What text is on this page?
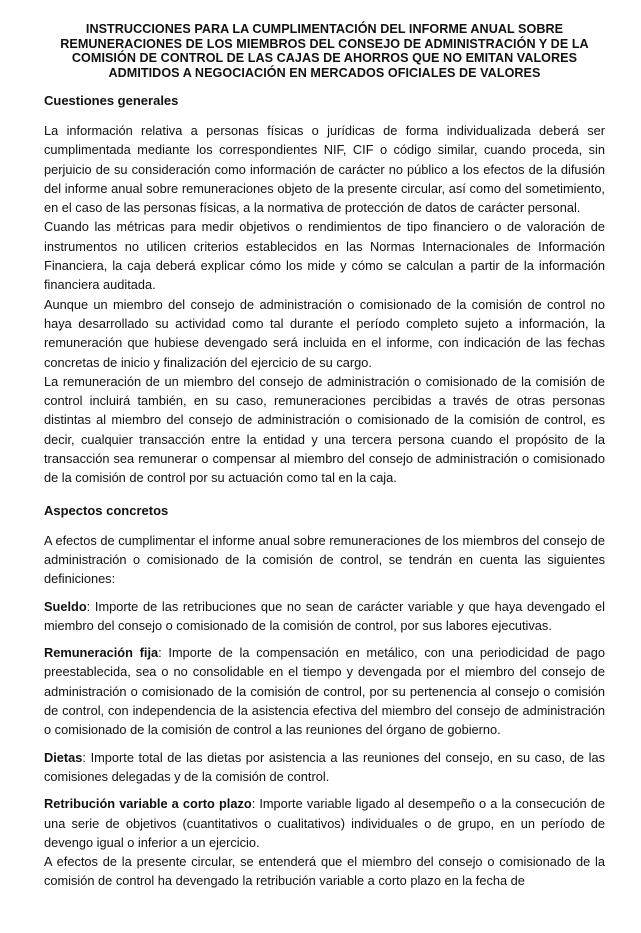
INSTRUCCIONES PARA LA CUMPLIMENTACIÓN DEL INFORME ANUAL SOBRE REMUNERACIONES DE LOS MIEMBROS DEL CONSEJO DE ADMINISTRACIÓN Y DE LA COMISIÓN DE CONTROL DE LAS CAJAS DE AHORROS QUE NO EMITAN VALORES ADMITIDOS A NEGOCIACIÓN EN MERCADOS OFICIALES DE VALORES
Cuestiones generales

La información relativa a personas físicas o jurídicas de forma individualizada deberá ser cumplimentada mediante los correspondientes NIF, CIF o código similar, cuando proceda, sin perjuicio de su consideración como información de carácter no público a los efectos de la difusión del informe anual sobre remuneraciones objeto de la presente circular, así como del sometimiento, en el caso de las personas físicas, a la normativa de protección de datos de carácter personal.

Cuando las métricas para medir objetivos o rendimientos de tipo financiero o de valoración de instrumentos no utilicen criterios establecidos en las Normas Internacionales de Información Financiera, la caja deberá explicar cómo los mide y cómo se calculan a partir de la información financiera auditada.

Aunque un miembro del consejo de administración o comisionado de la comisión de control no haya desarrollado su actividad como tal durante el período completo sujeto a información, la remuneración que hubiese devengado será incluida en el informe, con indicación de las fechas concretas de inicio y finalización del ejercicio de su cargo.

La remuneración de un miembro del consejo de administración o comisionado de la comisión de control incluirá también, en su caso, remuneraciones percibidas a través de otras personas distintas al miembro del consejo de administración o comisionado de la comisión de control, es decir, cualquier transacción entre la entidad y una tercera persona cuando el propósito de la transacción sea remunerar o compensar al miembro del consejo de administración o comisionado de la comisión de control por su actuación como tal en la caja.

Aspectos concretos

A efectos de cumplimentar el informe anual sobre remuneraciones de los miembros del consejo de administración o comisionado de la comisión de control, se tendrán en cuenta las siguientes definiciones:

Sueldo: Importe de las retribuciones que no sean de carácter variable y que haya devengado el miembro del consejo o comisionado de la comisión de control, por sus labores ejecutivas.

Remuneración fija: Importe de la compensación en metálico, con una periodicidad de pago preestablecida, sea o no consolidable en el tiempo y devengada por el miembro del consejo de administración o comisionado de la comisión de control, por su pertenencia al consejo o comisión de control, con independencia de la asistencia efectiva del miembro del consejo de administración o comisionado de la comisión de control a las reuniones del órgano de gobierno.

Dietas: Importe total de las dietas por asistencia a las reuniones del consejo, en su caso, de las comisiones delegadas y de la comisión de control.

Retribución variable a corto plazo: Importe variable ligado al desempeño o a la consecución de una serie de objetivos (cuantitativos o cualitativos) individuales o de grupo, en un período de devengo igual o inferior a un ejercicio.

A efectos de la presente circular, se entenderá que el miembro del consejo o comisionado de la comisión de control ha devengado la retribución variable a corto plazo en la fecha de
